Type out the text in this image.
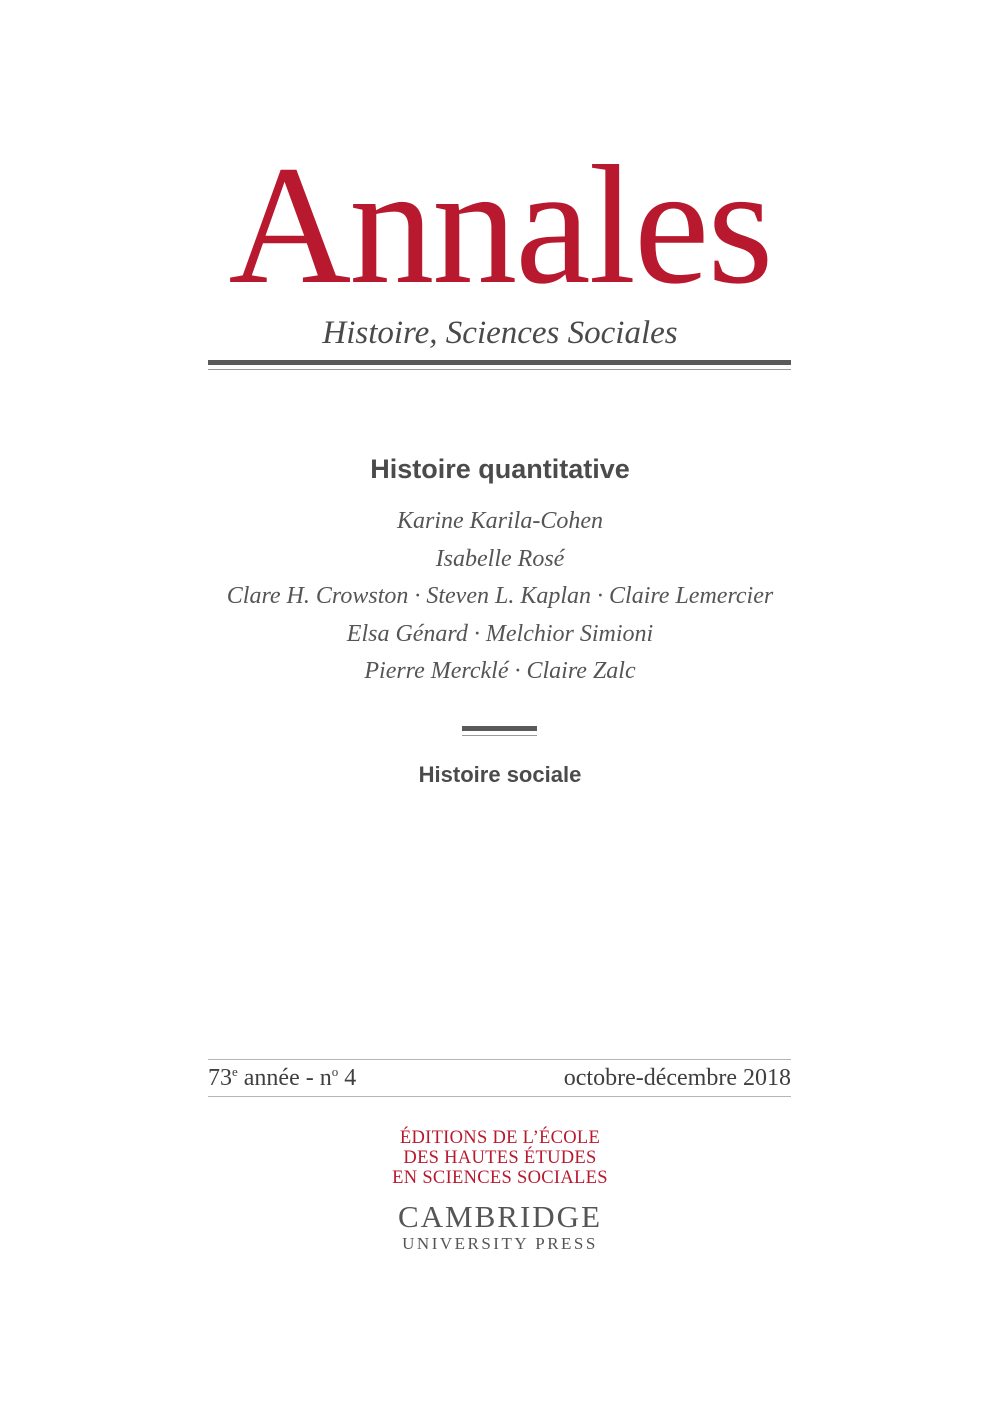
Annales
Histoire, Sciences Sociales
Histoire quantitative
Karine Karila-Cohen
Isabelle Rosé
Clare H. Crowston · Steven L. Kaplan · Claire Lemercier
Elsa Génard · Melchior Simioni
Pierre Mercklé · Claire Zalc
Histoire sociale
73e année - $n^o$ 4	octobre-décembre 2018
ÉDITIONS DE L’ÉCOLE
DES HAUTES ÉTUDES
EN SCIENCES SOCIALES
CAMBRIDGE
UNIVERSITY PRESS
